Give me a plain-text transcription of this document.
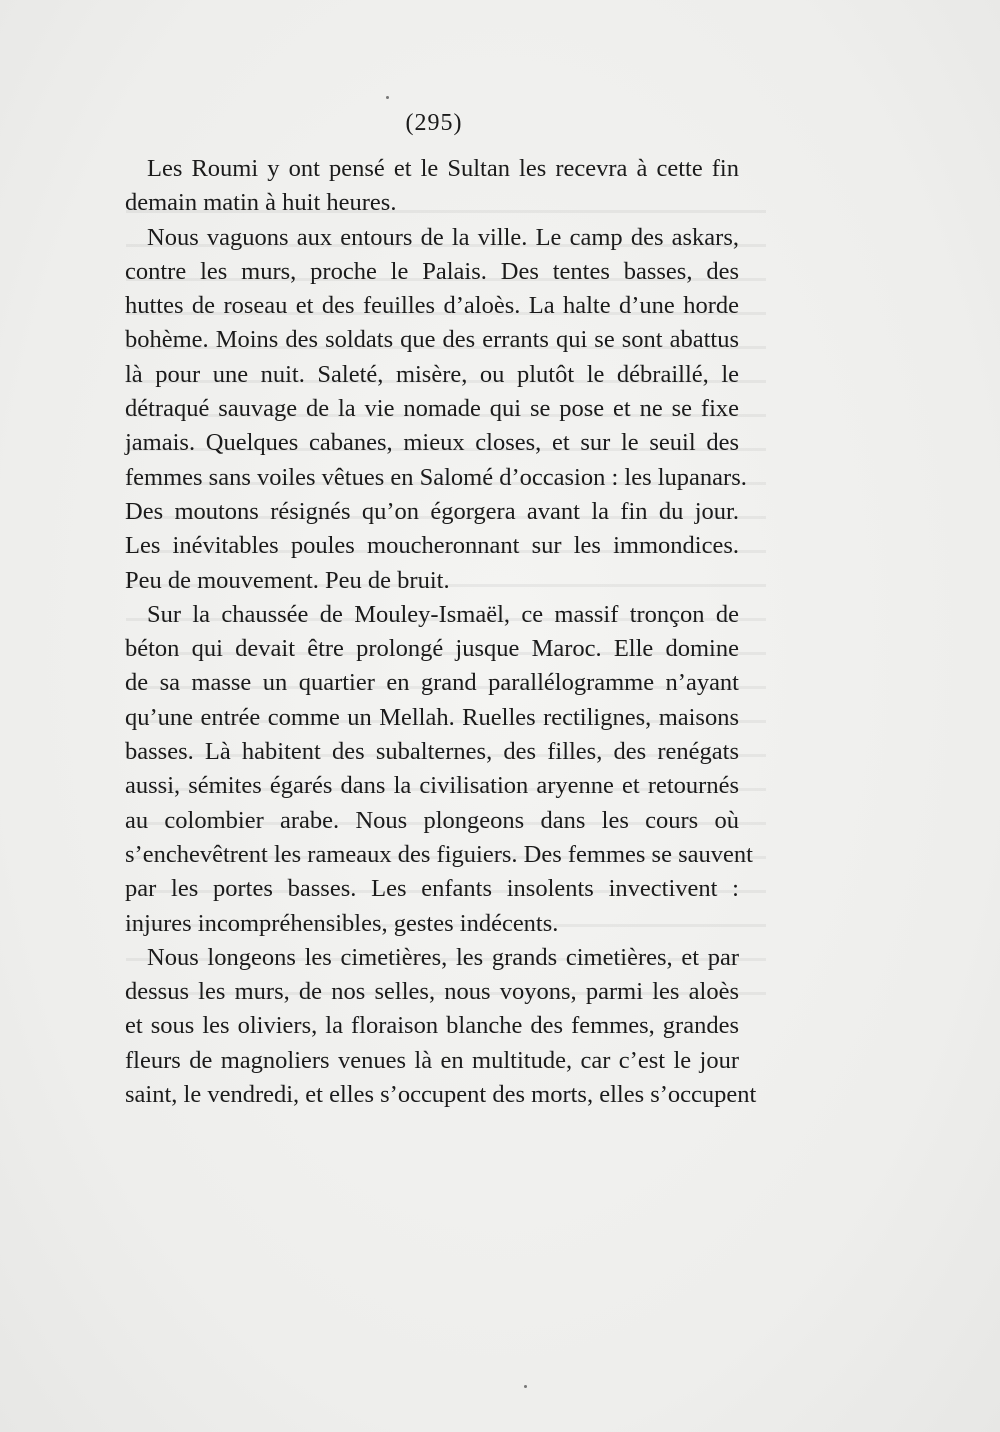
(295)

Les Roumi y ont pensé et le Sultan les recevra à cette fin
demain matin à huit heures.

Nous vaguons aux entours de la ville. Le camp des askars,
contre les murs, proche le Palais. Des tentes basses, des
huttes de roseau et des feuilles d’aloès. La halte d’une horde
bohème. Moins des soldats que des errants qui se sont abattus
là pour une nuit. Saleté, misère, ou plutôt le débraillé, le
détraqué sauvage de la vie nomade qui se pose et ne se fixe
jamais. Quelques cabanes, mieux closes, et sur le seuil des
femmes sans voiles vêtues en Salomé d’occasion : les lupanars.
Des moutons résignés qu’on égorgera avant la fin du jour.
Les inévitables poules moucheronnant sur les immondices.
Peu de mouvement. Peu de bruit.

Sur la chaussée de Mouley-Ismaël, ce massif tronçon de
béton qui devait être prolongé jusque Maroc. Elle domine
de sa masse un quartier en grand parallélogramme n’ayant
qu’une entrée comme un Mellah. Ruelles rectilignes, maisons
basses. Là habitent des subalternes, des filles, des renégats
aussi, sémites égarés dans la civilisation aryenne et retournés
au colombier arabe. Nous plongeons dans les cours où
s’enchevêtrent les rameaux des figuiers. Des femmes se sauvent
par les portes basses. Les enfants insolents invectivent :
injures incompréhensibles, gestes indécents.

Nous longeons les cimetières, les grands cimetières, et par
dessus les murs, de nos selles, nous voyons, parmi les aloès
et sous les oliviers, la floraison blanche des femmes, grandes
fleurs de magnoliers venues là en multitude, car c’est le jour
saint, le vendredi, et elles s’occupent des morts, elles s’occupent
